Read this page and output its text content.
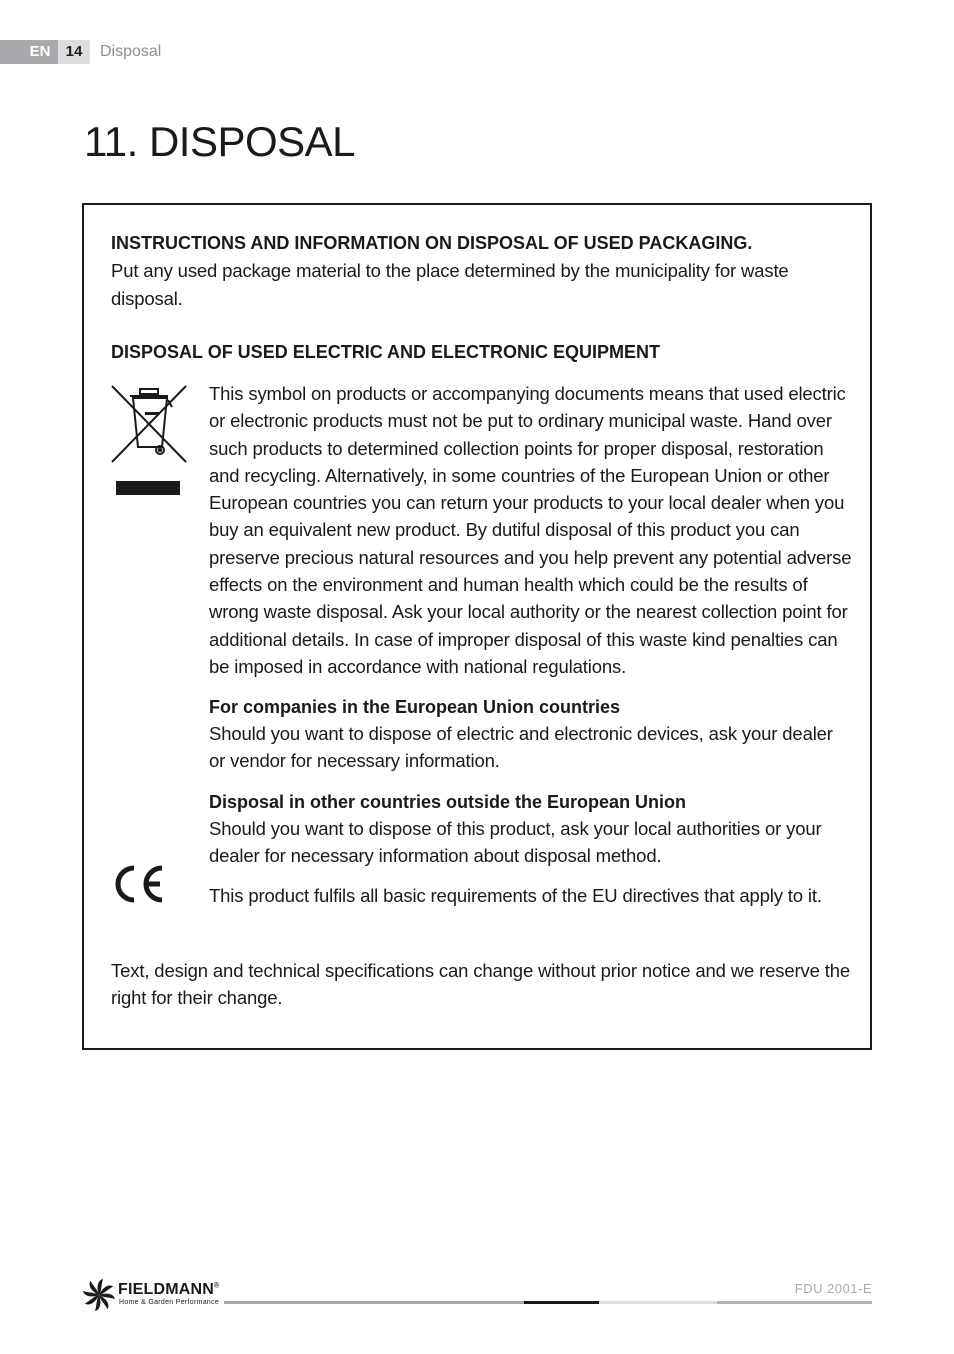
EN	14	Disposal
11. DISPOSAL
INSTRUCTIONS AND INFORMATION ON DISPOSAL OF USED PACKAGING.
Put any used package material to the place determined by the municipality for waste disposal.
DISPOSAL OF USED ELECTRIC AND ELECTRONIC EQUIPMENT
This symbol on products or accompanying documents means that used electric or electronic products must not be put to ordinary municipal waste. Hand over such products to determined collection points for proper disposal, restoration and recycling. Alternatively, in some countries of the European Union or other European countries you can return your products to your local dealer when you buy an equivalent new product. By dutiful disposal of this product you can preserve precious natural resources and you help prevent any potential adverse effects on the environment and human health which could be the results of wrong waste disposal. Ask your local authority or the nearest collection point for additional details. In case of improper disposal of this waste kind penalties can be imposed in accordance with national regulations.
For companies in the European Union countries
Should you want to dispose of electric and electronic devices, ask your dealer or vendor for necessary information.
Disposal in other countries outside the European Union
Should you want to dispose of this product, ask your local authorities or your dealer for necessary information about disposal method.
This product fulfils all basic requirements of the EU directives that apply to it.
Text, design and technical specifications can change without prior notice and we reserve the right for their change.
FIELDMANN®
Home & Garden Performance
FDU 2001-E
